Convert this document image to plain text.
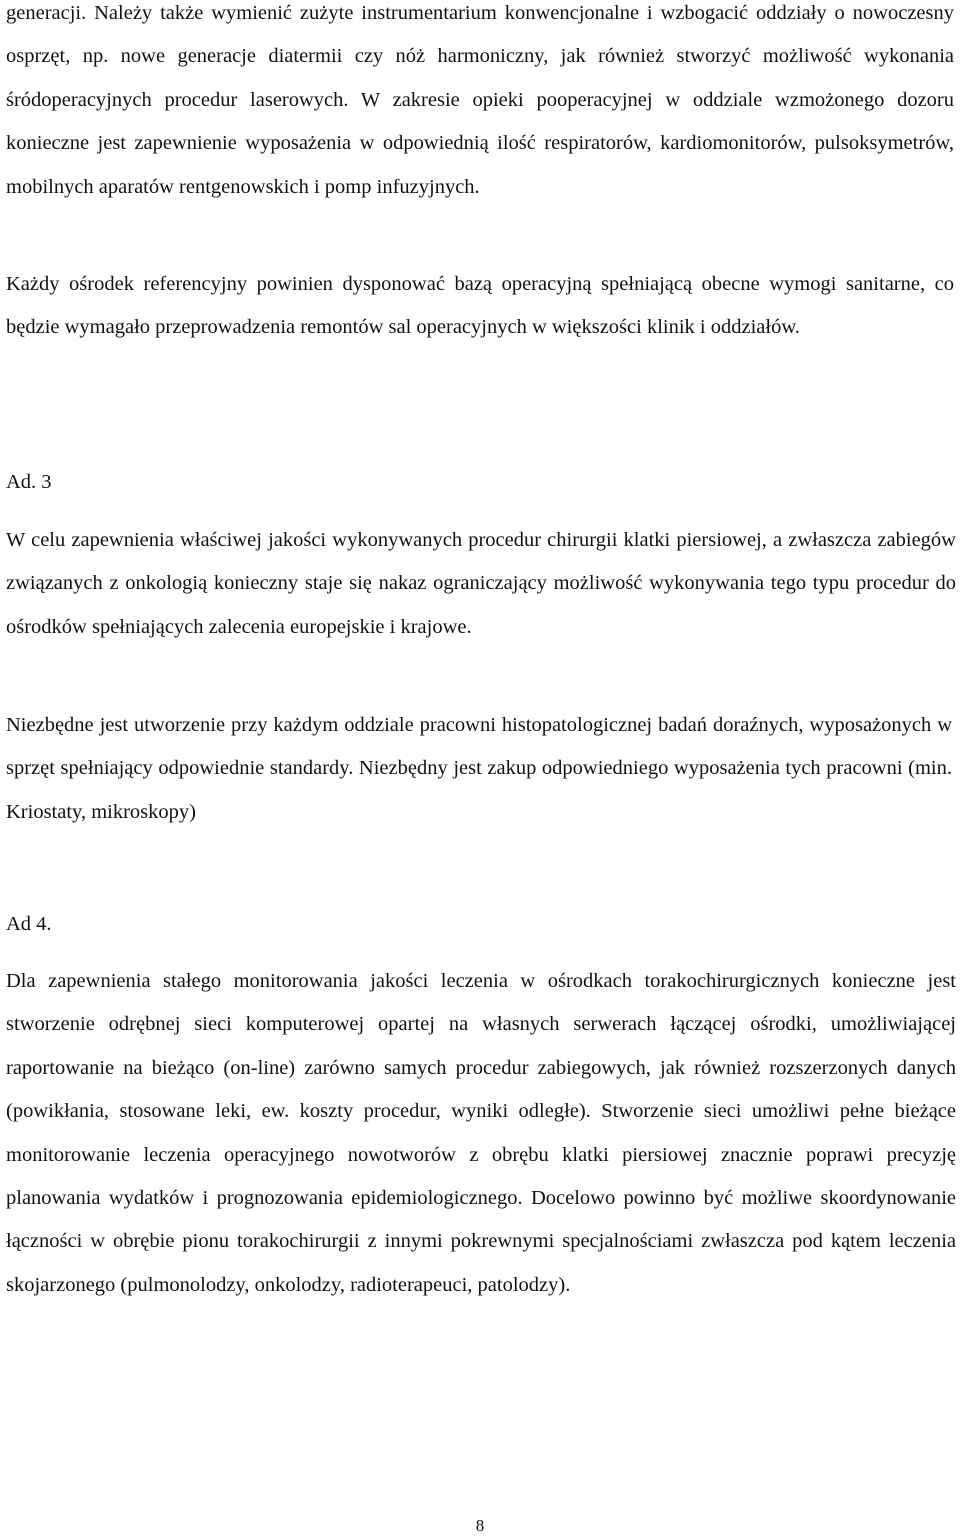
generacji. Należy także wymienić zużyte instrumentarium konwencjonalne i wzbogacić oddziały o nowoczesny osprzęt, np. nowe generacje diatermii czy nóż harmoniczny, jak również stworzyć możliwość wykonania śródoperacyjnych procedur laserowych. W zakresie opieki pooperacyjnej w oddziale wzmożonego dozoru konieczne jest zapewnienie wyposażenia w odpowiednią ilość respiratorów, kardiomonitorów, pulsoksymetrów, mobilnych aparatów rentgenowskich i pomp infuzyjnych.

Każdy ośrodek referencyjny powinien dysponować bazą operacyjną spełniającą obecne wymogi sanitarne, co będzie wymagało przeprowadzenia remontów sal operacyjnych w większości klinik i oddziałów.

Ad. 3

W celu zapewnienia właściwej jakości wykonywanych procedur chirurgii klatki piersiowej, a zwłaszcza zabiegów związanych z onkologią konieczny staje się nakaz ograniczający możliwość wykonywania tego typu procedur do ośrodków spełniających zalecenia europejskie i krajowe.

Niezbędne jest utworzenie przy każdym oddziale pracowni histopatologicznej badań doraźnych, wyposażonych w sprzęt spełniający odpowiednie standardy. Niezbędny jest zakup odpowiedniego wyposażenia tych pracowni (min. Kriostaty, mikroskopy)

Ad 4.

Dla zapewnienia stałego monitorowania jakości leczenia w ośrodkach torakochirurgicznych konieczne jest stworzenie odrębnej sieci komputerowej opartej na własnych serwerach łączącej ośrodki, umożliwiającej raportowanie na bieżąco (on-line) zarówno samych procedur zabiegowych, jak również rozszerzonych danych (powikłania, stosowane leki, ew. koszty procedur, wyniki odległe). Stworzenie sieci umożliwi pełne bieżące monitorowanie leczenia operacyjnego nowotworów z obrębu klatki piersiowej znacznie poprawi precyzję planowania wydatków i prognozowania epidemiologicznego. Docelowo powinno być możliwe skoordynowanie łączności w obrębie pionu torakochirurgii z innymi pokrewnymi specjalnościami zwłaszcza pod kątem leczenia skojarzonego (pulmonolodzy, onkolodzy, radioterapeuci, patolodzy).

8
